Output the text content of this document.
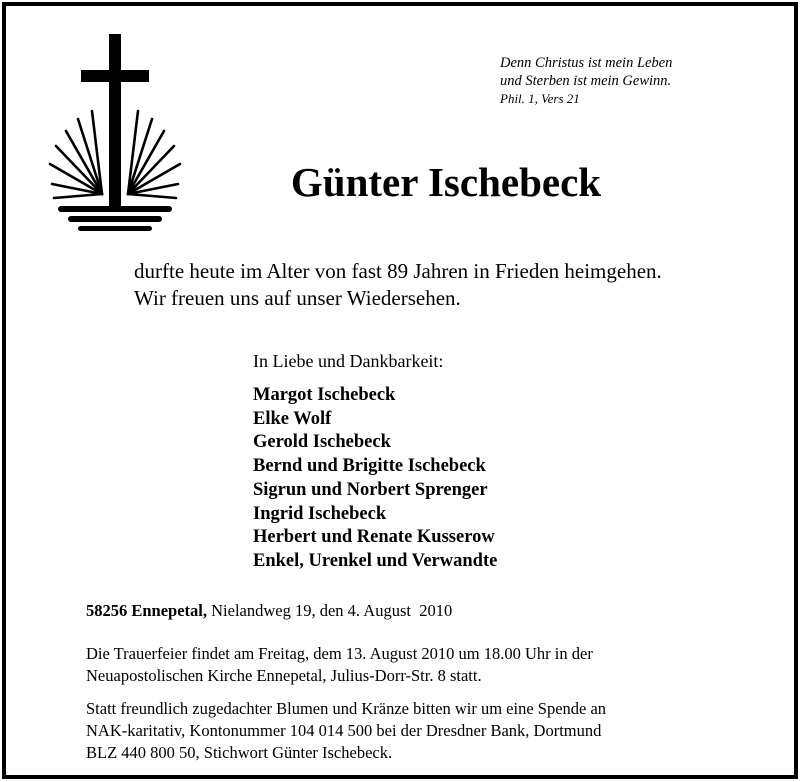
Denn Christus ist mein Leben
und Sterben ist mein Gewinn.
Phil. 1, Vers 21
Günter Ischebeck
durfte heute im Alter von fast 89 Jahren in Frieden heimgehen.
Wir freuen uns auf unser Wiedersehen.
In Liebe und Dankbarkeit:
Margot Ischebeck
Elke Wolf
Gerold Ischebeck
Bernd und Brigitte Ischebeck
Sigrun und Norbert Sprenger
Ingrid Ischebeck
Herbert und Renate Kusserow
Enkel, Urenkel und Verwandte
58256 Ennepetal, Nielandweg 19, den 4. August  2010
Die Trauerfeier findet am Freitag, dem 13. August 2010 um 18.00 Uhr in der
Neuapostolischen Kirche Ennepetal, Julius-Dorr-Str. 8 statt.
Statt freundlich zugedachter Blumen und Kränze bitten wir um eine Spende an
NAK-karitativ, Kontonummer 104 014 500 bei der Dresdner Bank, Dortmund
BLZ 440 800 50, Stichwort Günter Ischebeck.
